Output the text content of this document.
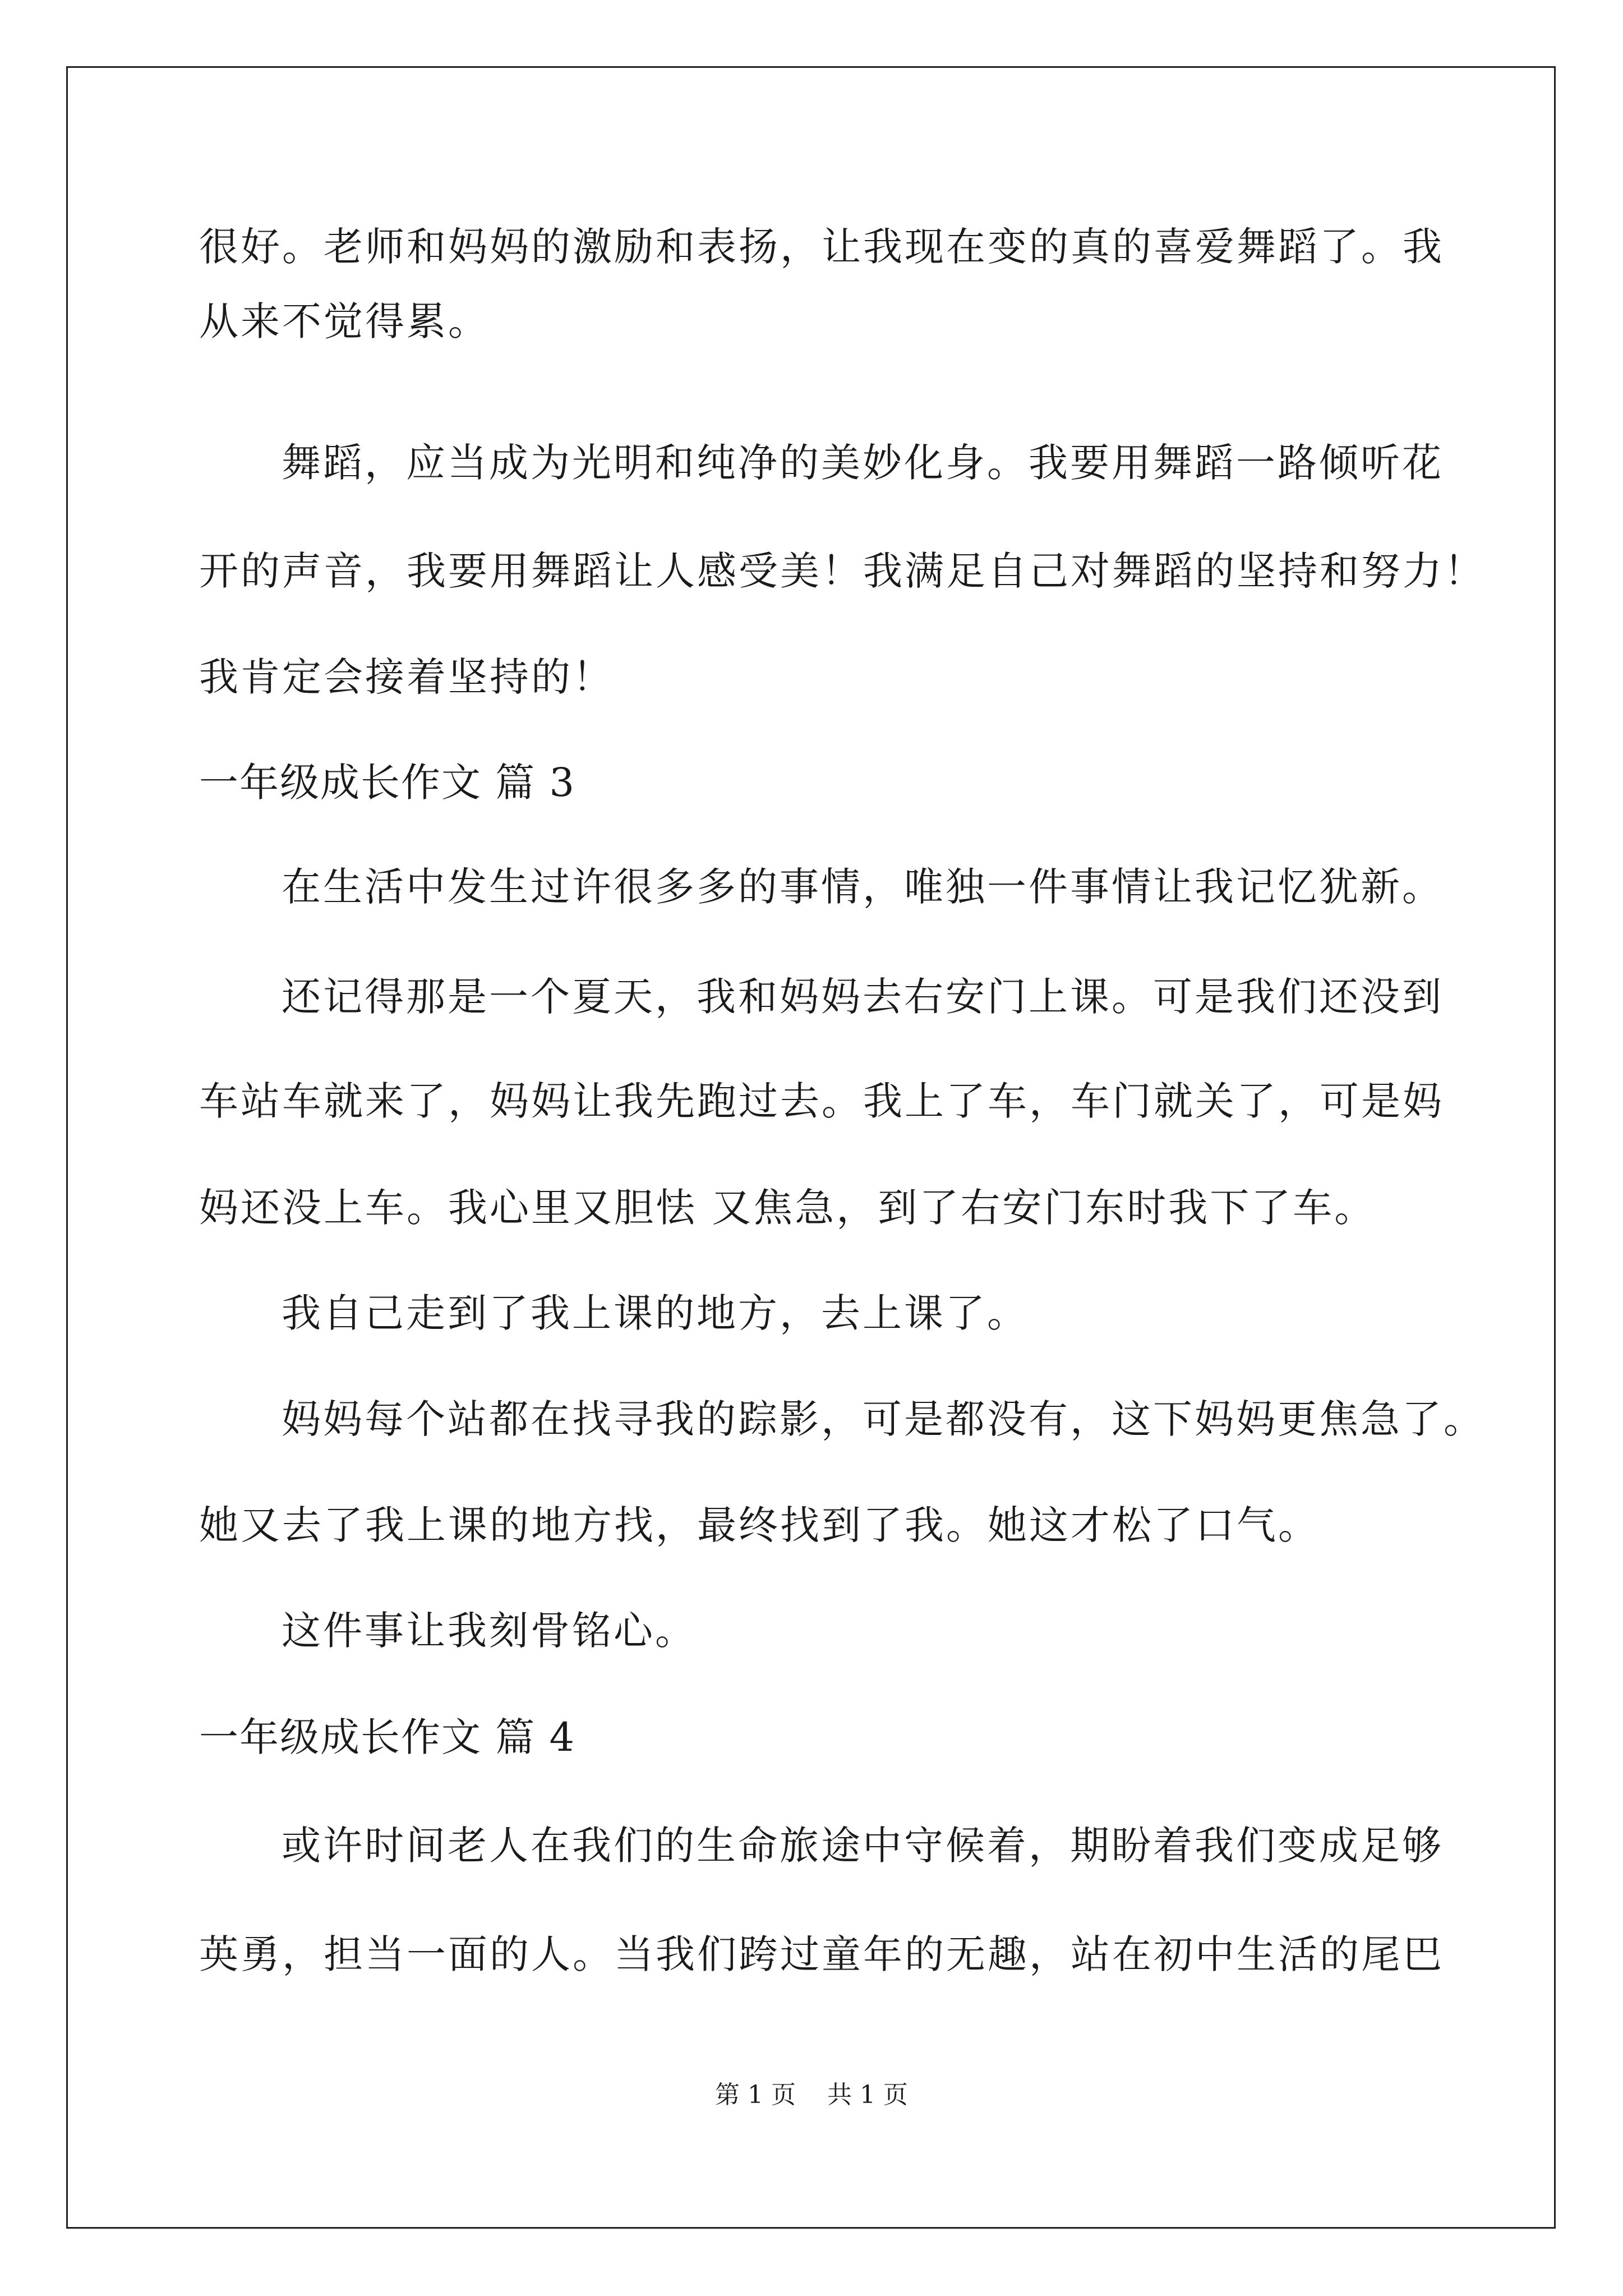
很好。老师和妈妈的激励和表扬，让我现在变的真的喜爱舞蹈了。我
从来不觉得累。
舞蹈，应当成为光明和纯净的美妙化身。我要用舞蹈一路倾听花
开的声音，我要用舞蹈让人感受美！我满足自己对舞蹈的坚持和努力！
我肯定会接着坚持的！
一年级成长作文 篇 3
在生活中发生过许很多多的事情，唯独一件事情让我记忆犹新。
还记得那是一个夏天，我和妈妈去右安门上课。可是我们还没到
车站车就来了，妈妈让我先跑过去。我上了车，车门就关了，可是妈
妈还没上车。我心里又胆怯 又焦急，到了右安门东时我下了车。
我自己走到了我上课的地方，去上课了。
妈妈每个站都在找寻我的踪影，可是都没有，这下妈妈更焦急了。
她又去了我上课的地方找，最终找到了我。她这才松了口气。
这件事让我刻骨铭心。
一年级成长作文 篇 4
或许时间老人在我们的生命旅途中守候着，期盼着我们变成足够
英勇，担当一面的人。当我们跨过童年的无趣，站在初中生活的尾巴
第 1 页    共 1 页
